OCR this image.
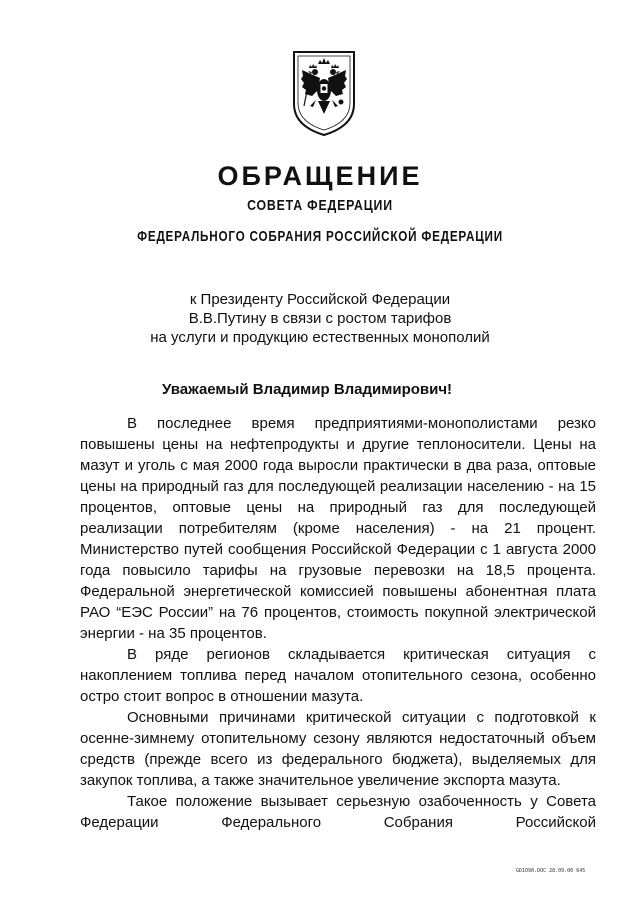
ОБРАЩЕНИЕ
СОВЕТА ФЕДЕРАЦИИ
ФЕДЕРАЛЬНОГО СОБРАНИЯ РОССИЙСКОЙ ФЕДЕРАЦИИ
к Президенту Российской Федерации
В.В.Путину в связи с ростом тарифов
на услуги и продукцию естественных монополий
Уважаемый Владимир Владимирович!

В последнее время предприятиями-монополистами резко повышены цены на нефтепродукты и другие теплоносители. Цены на мазут и уголь с мая 2000 года выросли практически в два раза, оптовые цены на природный газ для последующей реализации населению - на 15 процентов, оптовые цены на природный газ для последующей реализации потребителям (кроме населения) - на 21 процент. Министерство путей сообщения Российской Федерации с 1 августа 2000 года повысило тарифы на грузовые перевозки на 18,5 процента. Федеральной энергетической комиссией повышены абонентная плата РАО “ЕЭС России” на 76 процентов, стоимость покупной электрической энергии - на 35 процентов.

В ряде регионов складывается критическая ситуация с накоплением топлива перед началом отопительного сезона, особенно остро стоит вопрос в отношении мазута.

Основными причинами критической ситуации с подготовкой к осенне-зимнему отопительному сезону являются недостаточный объем средств (прежде всего из федерального бюджета), выделяемых для закупок топлива, а также значительное увеличение экспорта мазута.

Такое положение вызывает серьезную озабоченность у Совета Федерации Федерального Собрания Российской

GD1090.DOC 28.09.00 645
